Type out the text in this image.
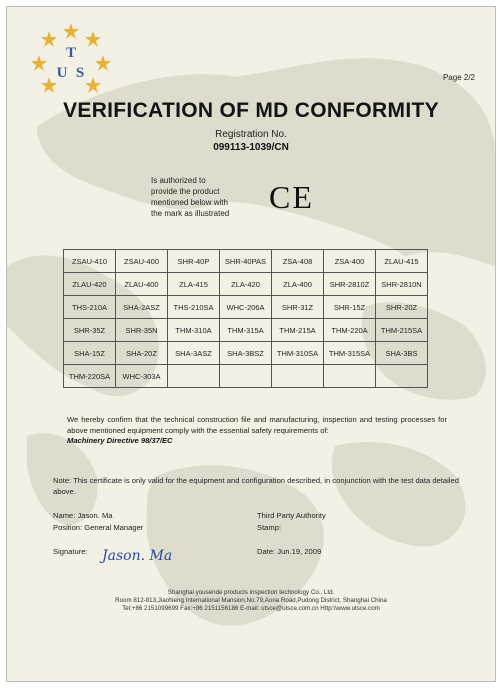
T
U S	Page 2/2
VERIFICATION OF MD CONFORMITY
Registration No.
099113-1039/CN
Is authorized to
provide the product
mentioned below with
the mark as illustrated	CE
ZSAU-410	ZSAU-400	SHR-40P	SHR-40PAS	ZSA-408	ZSA-400	ZLAU-415
ZLAU-420	ZLAU-400	ZLA-415	ZLA-420	ZLA-400	SHR-2810Z	SHR-2810N
THS-210A	SHA-2ASZ	THS-210SA	WHC-206A	SHR-31Z	SHR-15Z	SHR-20Z
SHR-35Z	SHR-35N	THM-310A	THM-315A	THM-215A	THM-220A	THM-215SA
SHA-15Z	SHA-20Z	SHA-3ASZ	SHA-3BSZ	THM-310SA	THM-315SA	SHA-3BS
THM-220SA	WHC-303A					
We hereby confirm that the technical construction file and manufacturing, inspection and testing processes for above mentioned equipment comply with the essential safety requirements of:
Machinery Directive 98/37/EC
Note: This certificate is only valid for the equipment and configuration described, in conjunction with the test data detailed above.
Name: Jason. Ma
Position: General Manager
Third Party Authority
Stamp:
Signature: Jason. Ma	Date: Jun.19, 2009
Shanghai yousende products inspection technology Co., Ltd.
Room 812-813,JiaoNeng International Mansion,No.79,Aona Road,Pudong District, Shanghai China
Tel:+86 2151099699 Fax:+86 2151156186 E-mail: utsce@utsce.com.cn Http:\\www.utsce.com
